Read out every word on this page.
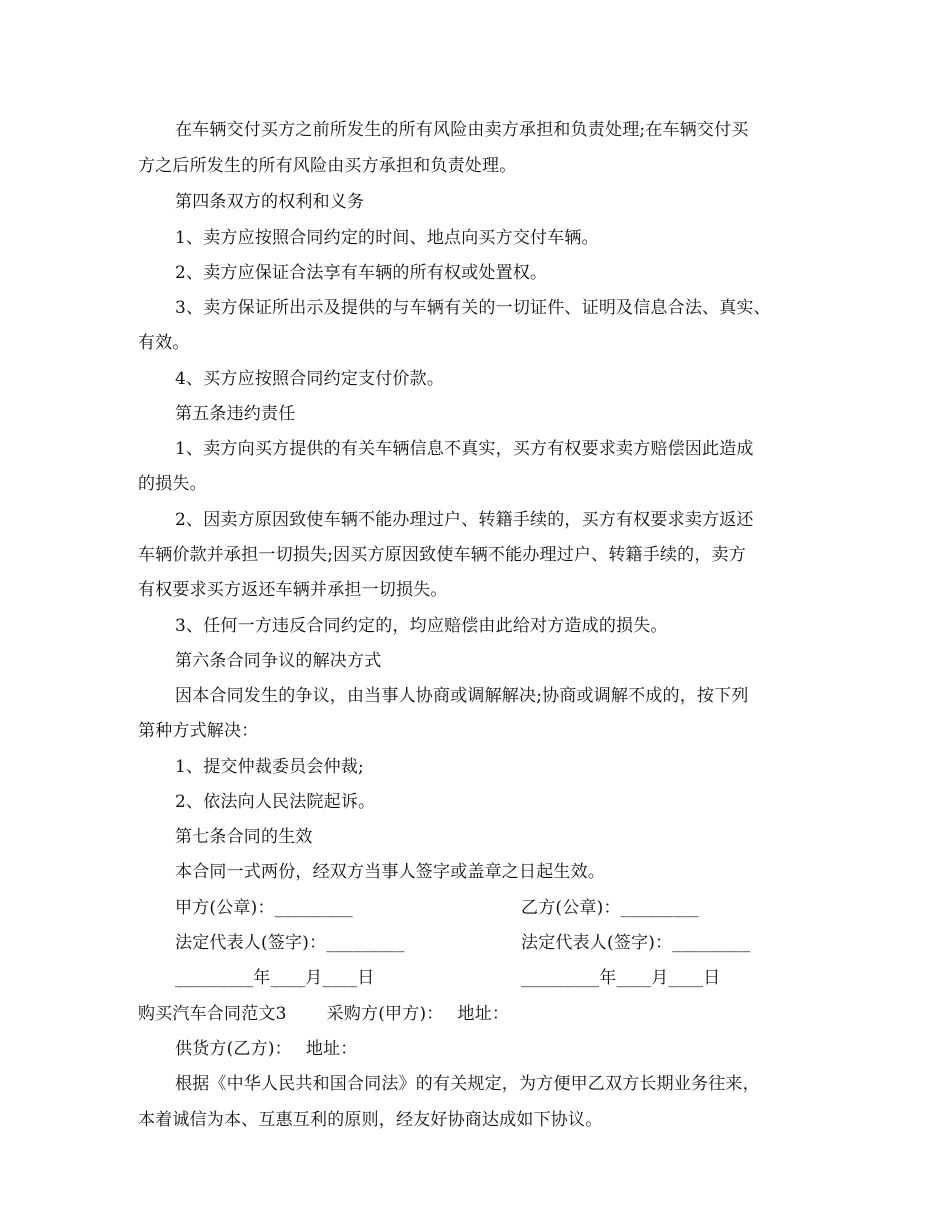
在车辆交付买方之前所发生的所有风险由卖方承担和负责处理;在车辆交付买
方之后所发生的所有风险由买方承担和负责处理。
第四条双方的权利和义务
1、卖方应按照合同约定的时间、地点向买方交付车辆。
2、卖方应保证合法享有车辆的所有权或处置权。
3、卖方保证所出示及提供的与车辆有关的一切证件、证明及信息合法、真实、
有效。
4、买方应按照合同约定支付价款。
第五条违约责任
1、卖方向买方提供的有关车辆信息不真实，买方有权要求卖方赔偿因此造成
的损失。
2、因卖方原因致使车辆不能办理过户、转籍手续的，买方有权要求卖方返还
车辆价款并承担一切损失;因买方原因致使车辆不能办理过户、转籍手续的，卖方
有权要求买方返还车辆并承担一切损失。
3、任何一方违反合同约定的，均应赔偿由此给对方造成的损失。
第六条合同争议的解决方式
因本合同发生的争议，由当事人协商或调解解决;协商或调解不成的，按下列
第种方式解决：
1、提交仲裁委员会仲裁;
2、依法向人民法院起诉。
第七条合同的生效
本合同一式两份，经双方当事人签字或盖章之日起生效。
甲方(公章)：_________	乙方(公章)：_________
法定代表人(签字)：_________	法定代表人(签字)：_________
_________年____月____日	_________年____月____日
购买汽车合同范文3 采购方(甲方)： 地址：
供货方(乙方)： 地址：
根据《中华人民共和国合同法》的有关规定，为方便甲乙双方长期业务往来，
本着诚信为本、互惠互利的原则，经友好协商达成如下协议。
